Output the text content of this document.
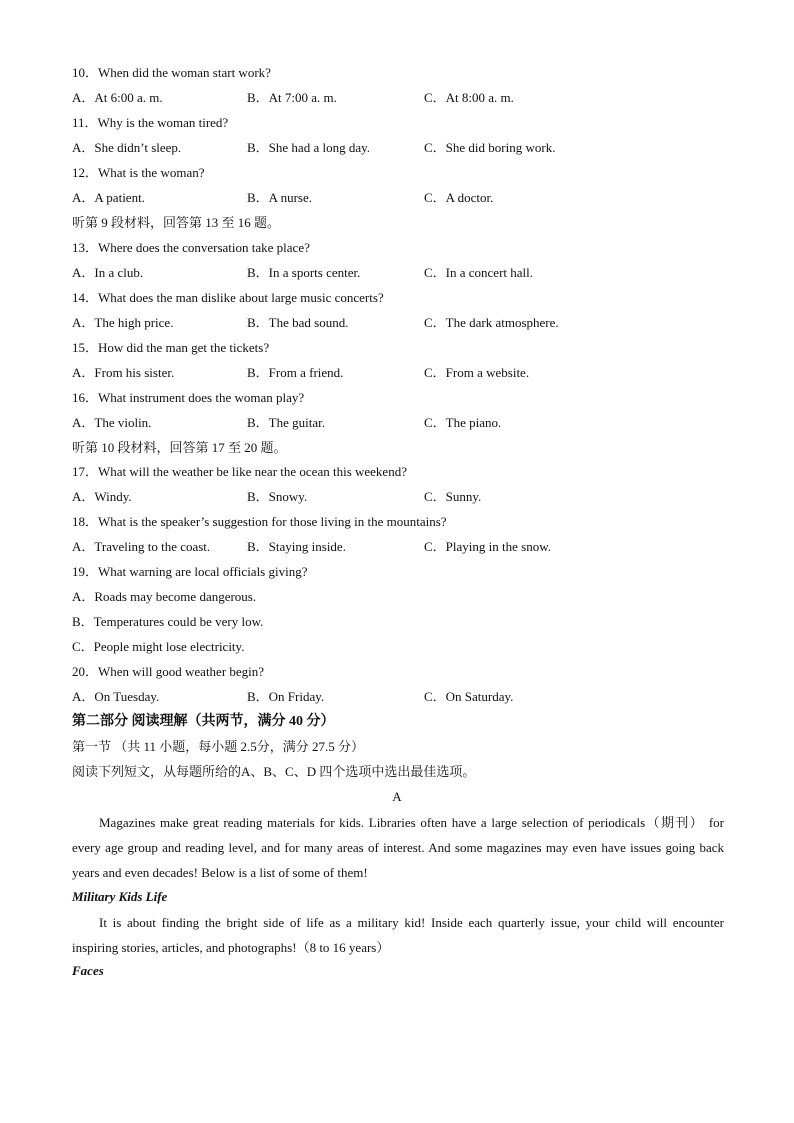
10．When did the woman start work?
A．At 6:00 a. m.	B．At 7:00 a. m.	C．At 8:00 a. m.
11．Why is the woman tired?
A．She didn’t sleep.	B．She had a long day.	C．She did boring work.
12．What is the woman?
A．A patient.	B．A nurse.	C．A doctor.
听第 9 段材料，回答第 13 至 16 题。
13．Where does the conversation take place?
A．In a club.	B．In a sports center.	C．In a concert hall.
14．What does the man dislike about large music concerts?
A．The high price.	B．The bad sound.	C．The dark atmosphere.
15．How did the man get the tickets?
A．From his sister.	B．From a friend.	C．From a website.
16．What instrument does the woman play?
A．The violin.	B．The guitar.	C．The piano.
听第 10 段材料，回答第 17 至 20 题。
17．What will the weather be like near the ocean this weekend?
A．Windy.	B．Snowy.	C．Sunny.
18．What is the speaker’s suggestion for those living in the mountains?
A．Traveling to the coast.	B．Staying inside.	C．Playing in the snow.
19．What warning are local officials giving?
A．Roads may become dangerous.
B．Temperatures could be very low.
C．People might lose electricity.
20．When will good weather begin?
A．On Tuesday.	B．On Friday.	C．On Saturday.
第二部分 阅读理解（共两节，满分 40 分）
第一节 （共 11 小题，每小题 2.5分，满分 27.5 分）
阅读下列短文，从每题所给的A、B、C、D 四个选项中选出最佳选项。
A
Magazines make great reading materials for kids. Libraries often have a large selection of periodicals（期刊） for every age group and reading level, and for many areas of interest. And some magazines may even have issues going back years and even decades! Below is a list of some of them!
Military Kids Life
It is about finding the bright side of life as a military kid! Inside each quarterly issue, your child will encounter inspiring stories, articles, and photographs!（8 to 16 years）
Faces
